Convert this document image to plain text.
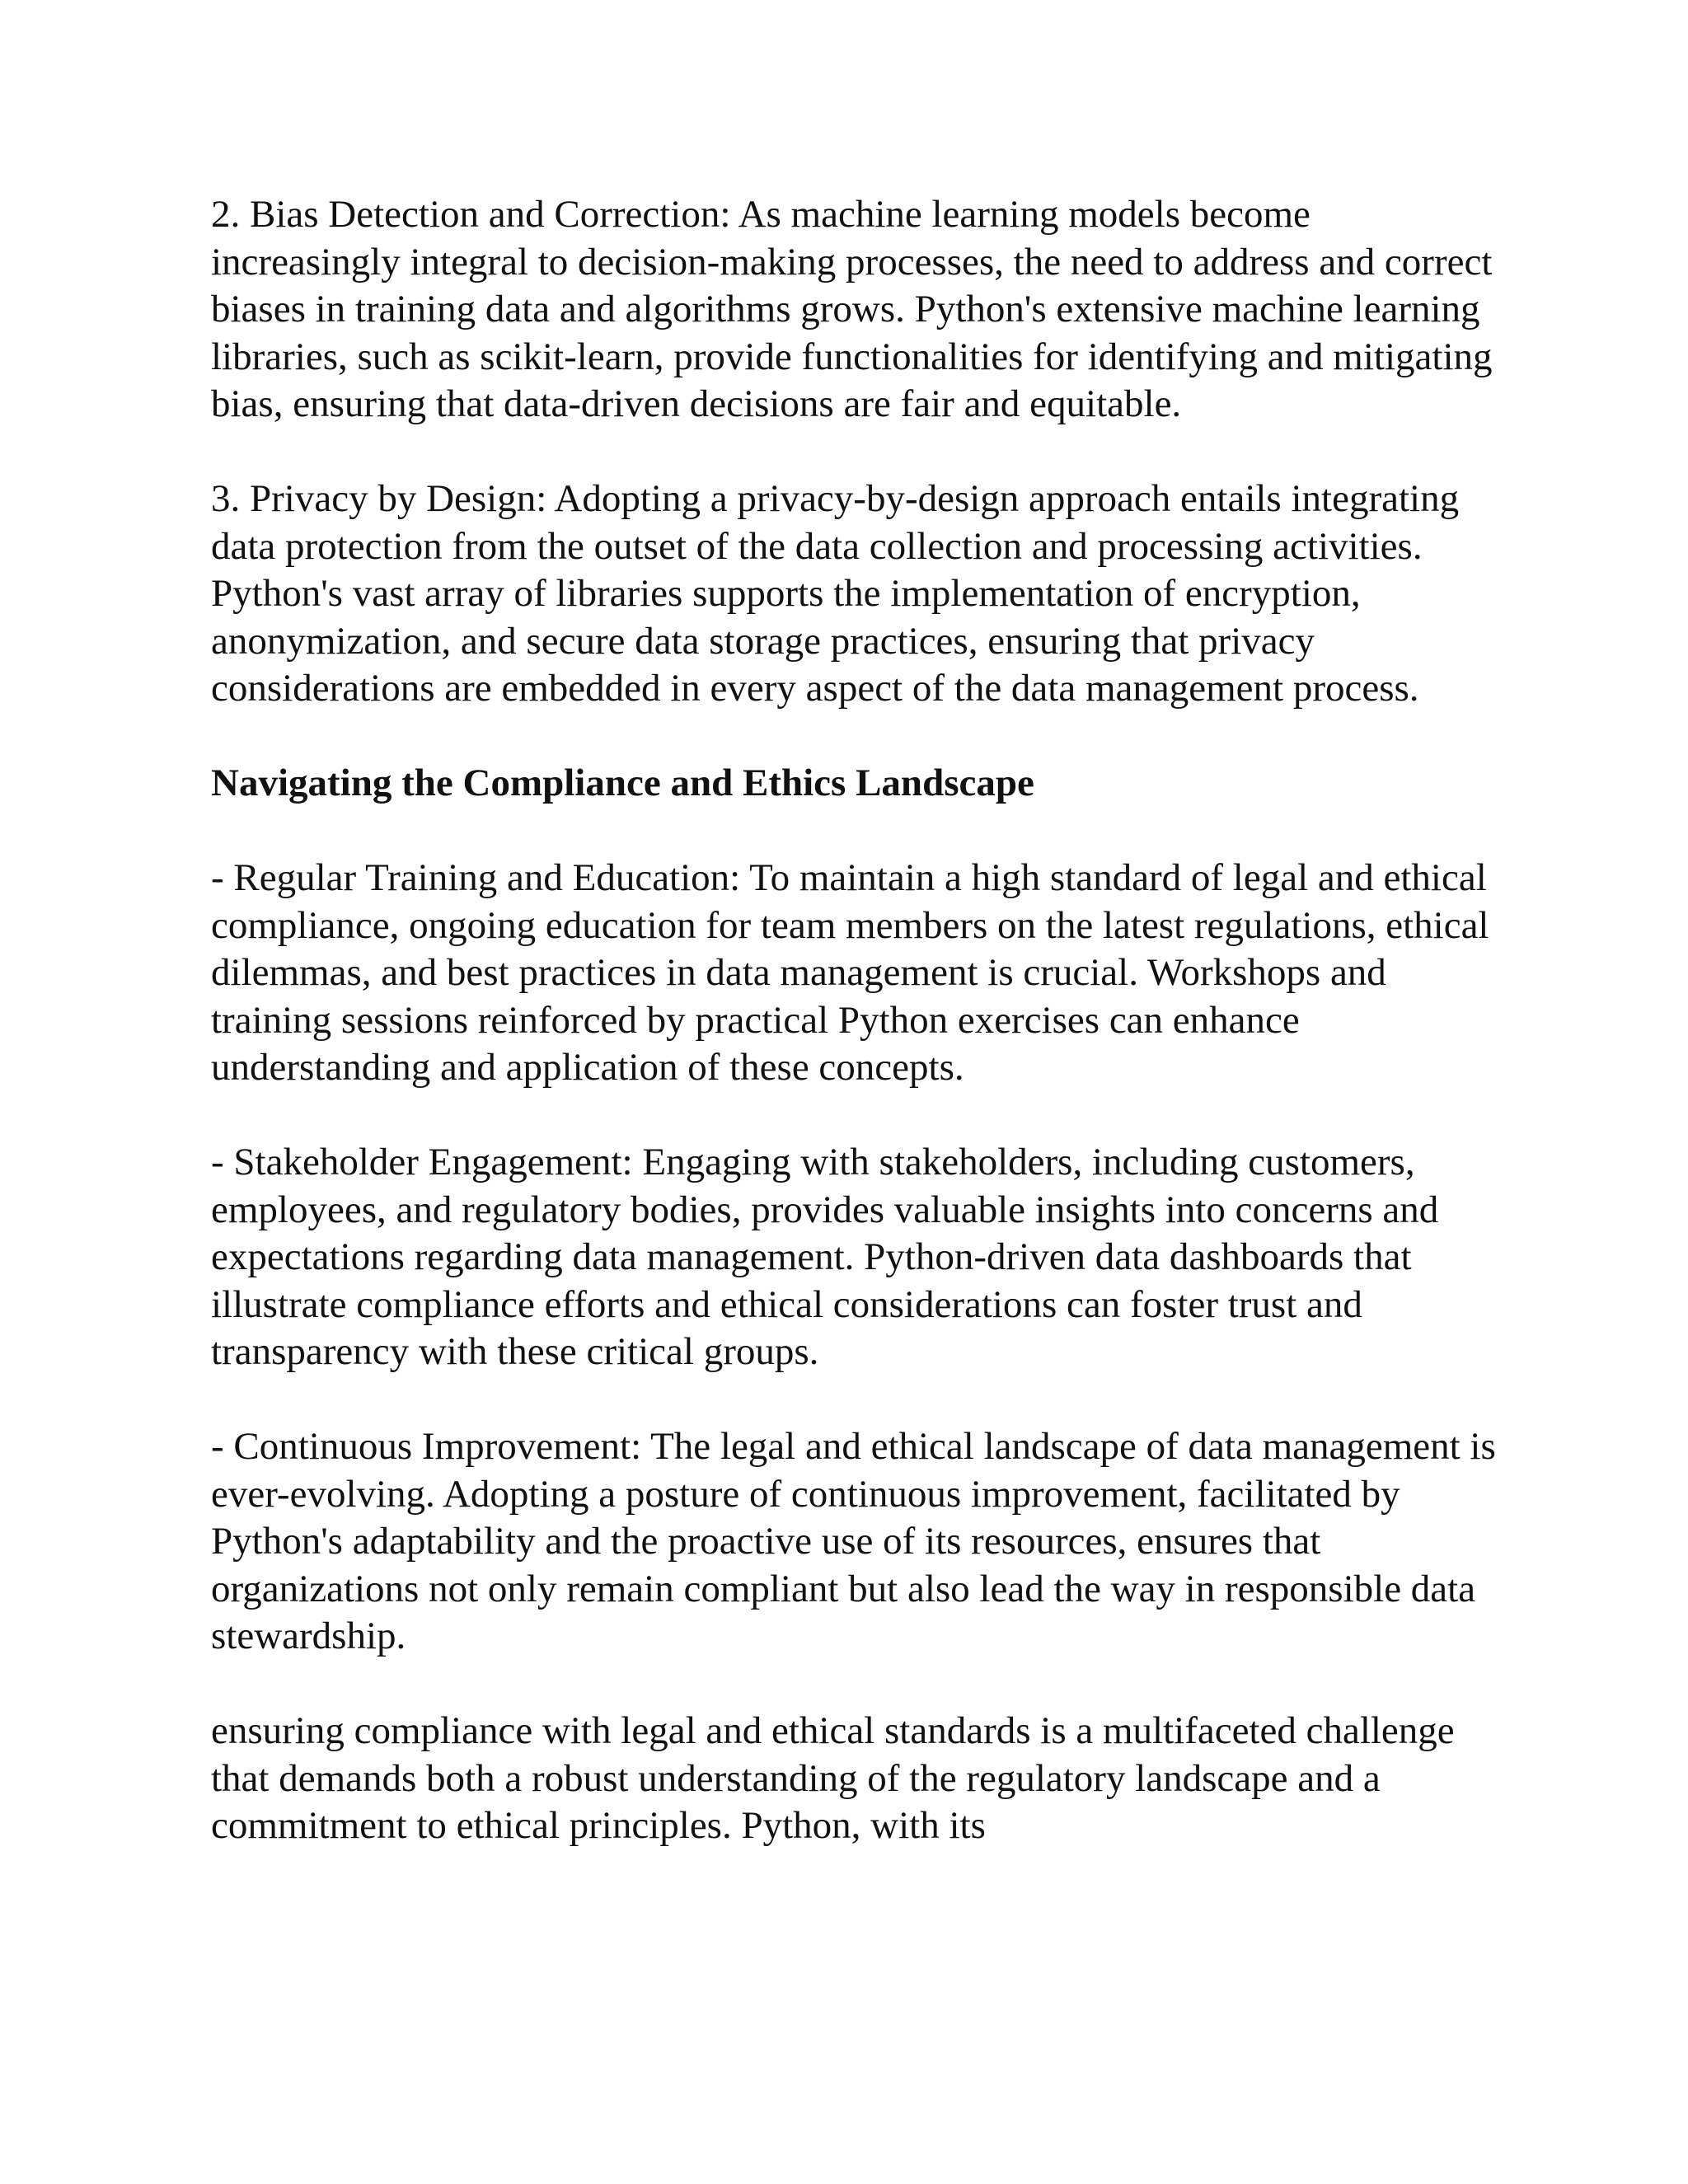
2. Bias Detection and Correction: As machine learning models become increasingly integral to decision-making processes, the need to address and correct biases in training data and algorithms grows. Python's extensive machine learning libraries, such as scikit-learn, provide functionalities for identifying and mitigating bias, ensuring that data-driven decisions are fair and equitable.

3. Privacy by Design: Adopting a privacy-by-design approach entails integrating data protection from the outset of the data collection and processing activities. Python's vast array of libraries supports the implementation of encryption, anonymization, and secure data storage practices, ensuring that privacy considerations are embedded in every aspect of the data management process.

Navigating the Compliance and Ethics Landscape

- Regular Training and Education: To maintain a high standard of legal and ethical compliance, ongoing education for team members on the latest regulations, ethical dilemmas, and best practices in data management is crucial. Workshops and training sessions reinforced by practical Python exercises can enhance understanding and application of these concepts.

- Stakeholder Engagement: Engaging with stakeholders, including customers, employees, and regulatory bodies, provides valuable insights into concerns and expectations regarding data management. Python-driven data dashboards that illustrate compliance efforts and ethical considerations can foster trust and transparency with these critical groups.

- Continuous Improvement: The legal and ethical landscape of data management is ever-evolving. Adopting a posture of continuous improvement, facilitated by Python's adaptability and the proactive use of its resources, ensures that organizations not only remain compliant but also lead the way in responsible data stewardship.

ensuring compliance with legal and ethical standards is a multifaceted challenge that demands both a robust understanding of the regulatory landscape and a commitment to ethical principles. Python, with its
